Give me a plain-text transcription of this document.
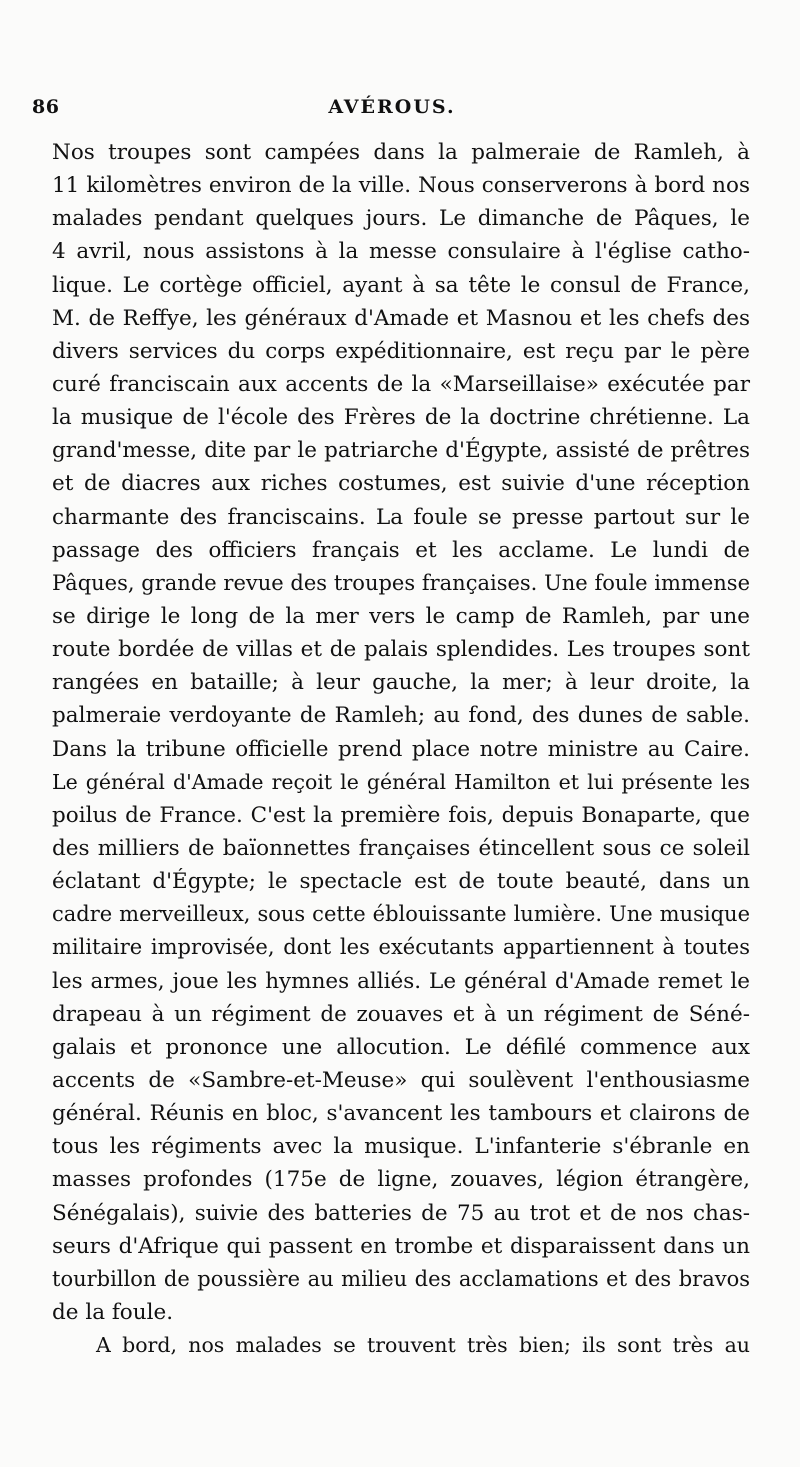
86	AVÉROUS.
Nos troupes sont campées dans la palmeraie de Ramleh, à
11 kilomètres environ de la ville. Nous conserverons à bord nos
malades pendant quelques jours. Le dimanche de Pâques, le
4 avril, nous assistons à la messe consulaire à l'église catho-
lique. Le cortège officiel, ayant à sa tête le consul de France,
M. de Reffye, les généraux d'Amade et Masnou et les chefs des
divers services du corps expéditionnaire, est reçu par le père
curé franciscain aux accents de la «Marseillaise» exécutée par
la musique de l'école des Frères de la doctrine chrétienne. La
grand'messe, dite par le patriarche d'Égypte, assisté de prêtres
et de diacres aux riches costumes, est suivie d'une réception
charmante des franciscains. La foule se presse partout sur le
passage des officiers français et les acclame. Le lundi de
Pâques, grande revue des troupes françaises. Une foule immense
se dirige le long de la mer vers le camp de Ramleh, par une
route bordée de villas et de palais splendides. Les troupes sont
rangées en bataille; à leur gauche, la mer; à leur droite, la
palmeraie verdoyante de Ramleh; au fond, des dunes de sable.
Dans la tribune officielle prend place notre ministre au Caire.
Le général d'Amade reçoit le général Hamilton et lui présente les
poilus de France. C'est la première fois, depuis Bonaparte, que
des milliers de baïonnettes françaises étincellent sous ce soleil
éclatant d'Égypte; le spectacle est de toute beauté, dans un
cadre merveilleux, sous cette éblouissante lumière. Une musique
militaire improvisée, dont les exécutants appartiennent à toutes
les armes, joue les hymnes alliés. Le général d'Amade remet le
drapeau à un régiment de zouaves et à un régiment de Séné-
galais et prononce une allocution. Le défilé commence aux
accents de «Sambre-et-Meuse» qui soulèvent l'enthousiasme
général. Réunis en bloc, s'avancent les tambours et clairons de
tous les régiments avec la musique. L'infanterie s'ébranle en
masses profondes (175e de ligne, zouaves, légion étrangère,
Sénégalais), suivie des batteries de 75 au trot et de nos chas-
seurs d'Afrique qui passent en trombe et disparaissent dans un
tourbillon de poussière au milieu des acclamations et des bravos
de la foule.
A bord, nos malades se trouvent très bien; ils sont très au
